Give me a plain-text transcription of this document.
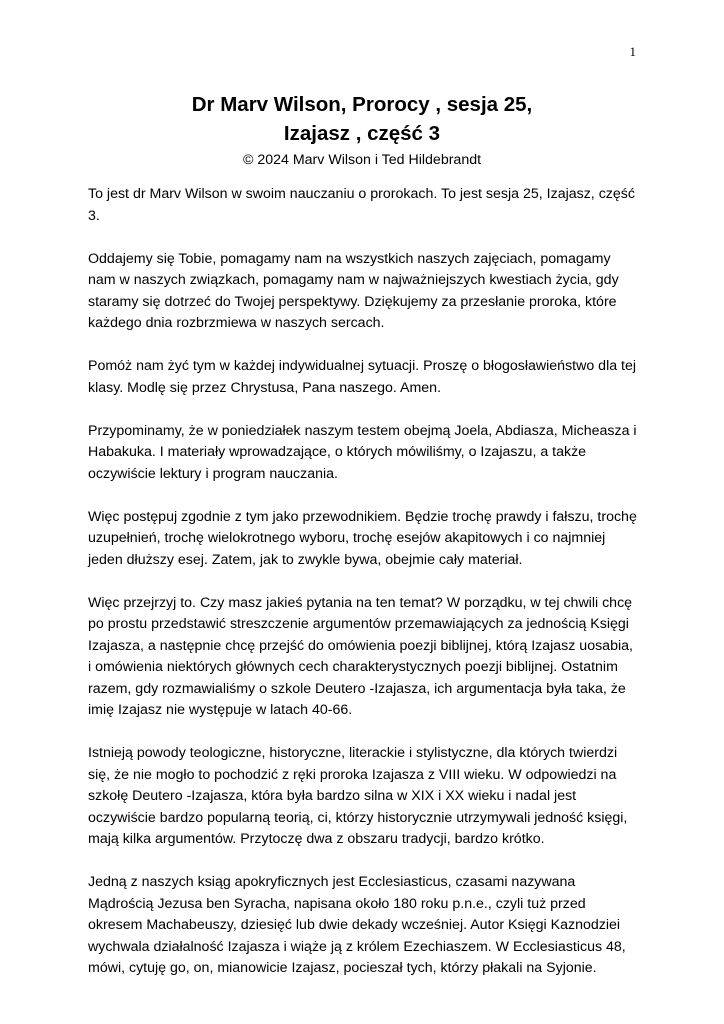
1
Dr Marv Wilson, Prorocy , sesja 25,
Izajasz , część 3
© 2024 Marv Wilson i Ted Hildebrandt

To jest dr Marv Wilson w swoim nauczaniu o prorokach. To jest sesja 25, Izajasz, część 3.

Oddajemy się Tobie, pomagamy nam na wszystkich naszych zajęciach, pomagamy nam w naszych związkach, pomagamy nam w najważniejszych kwestiach życia, gdy staramy się dotrzeć do Twojej perspektywy. Dziękujemy za przesłanie proroka, które każdego dnia rozbrzmiewa w naszych sercach.

Pomóż nam żyć tym w każdej indywidualnej sytuacji. Proszę o błogosławieństwo dla tej klasy. Modlę się przez Chrystusa, Pana naszego. Amen.

Przypominamy, że w poniedziałek naszym testem obejmą Joela, Abdiasza, Micheasza i Habakuka. I materiały wprowadzające, o których mówiliśmy, o Izajaszu, a także oczywiście lektury i program nauczania.

Więc postępuj zgodnie z tym jako przewodnikiem. Będzie trochę prawdy i fałszu, trochę uzupełnień, trochę wielokrotnego wyboru, trochę esejów akapitowych i co najmniej jeden dłuższy esej. Zatem, jak to zwykle bywa, obejmie cały materiał.

Więc przejrzyj to. Czy masz jakieś pytania na ten temat? W porządku, w tej chwili chcę po prostu przedstawić streszczenie argumentów przemawiających za jednością Księgi Izajasza, a następnie chcę przejść do omówienia poezji biblijnej, którą Izajasz uosabia, i omówienia niektórych głównych cech charakterystycznych poezji biblijnej. Ostatnim razem, gdy rozmawialiśmy o szkole Deutero -Izajasza, ich argumentacja była taka, że imię Izajasz nie występuje w latach 40-66.

Istnieją powody teologiczne, historyczne, literackie i stylistyczne, dla których twierdzi się, że nie mogło to pochodzić z ręki proroka Izajasza z VIII wieku. W odpowiedzi na szkołę Deutero -Izajasza, która była bardzo silna w XIX i XX wieku i nadal jest oczywiście bardzo popularną teorią, ci, którzy historycznie utrzymywali jedność księgi, mają kilka argumentów. Przytoczę dwa z obszaru tradycji, bardzo krótko.

Jedną z naszych ksiąg apokryficznych jest Ecclesiasticus, czasami nazywana Mądrością Jezusa ben Syracha, napisana około 180 roku p.n.e., czyli tuż przed okresem Machabeuszy, dziesięć lub dwie dekady wcześniej. Autor Księgi Kaznodziei wychwala działalność Izajasza i wiąże ją z królem Ezechiaszem. W Ecclesiasticus 48, mówi, cytuję go, on, mianowicie Izajasz, pocieszał tych, którzy płakali na Syjonie.
